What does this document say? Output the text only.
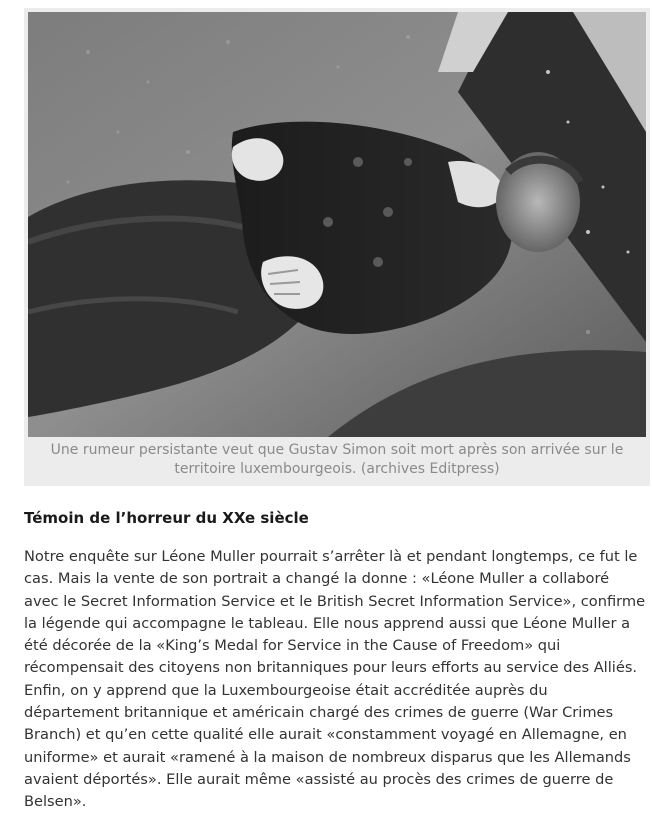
Une rumeur persistante veut que Gustav Simon soit mort après son arrivée sur le territoire luxembourgeois. (archives Editpress)
Témoin de l’horreur du XXe siècle

Notre enquête sur Léone Muller pourrait s’arrêter là et pendant longtemps, ce fut le cas. Mais la vente de son portrait a changé la donne : «Léone Muller a collaboré avec le Secret Information Service et le British Secret Information Service», confirme la légende qui accompagne le tableau. Elle nous apprend aussi que Léone Muller a été décorée de la «King’s Medal for Service in the Cause of Freedom» qui récompensait des citoyens non britanniques pour leurs efforts au service des Alliés. Enfin, on y apprend que la Luxembourgeoise était accréditée auprès du département britannique et américain chargé des crimes de guerre (War Crimes Branch) et qu’en cette qualité elle aurait «constamment voyagé en Allemagne, en uniforme» et aurait «ramené à la maison de nombreux disparus que les Allemands avaient déportés». Elle aurait même «assisté au procès des crimes de guerre de Belsen».
